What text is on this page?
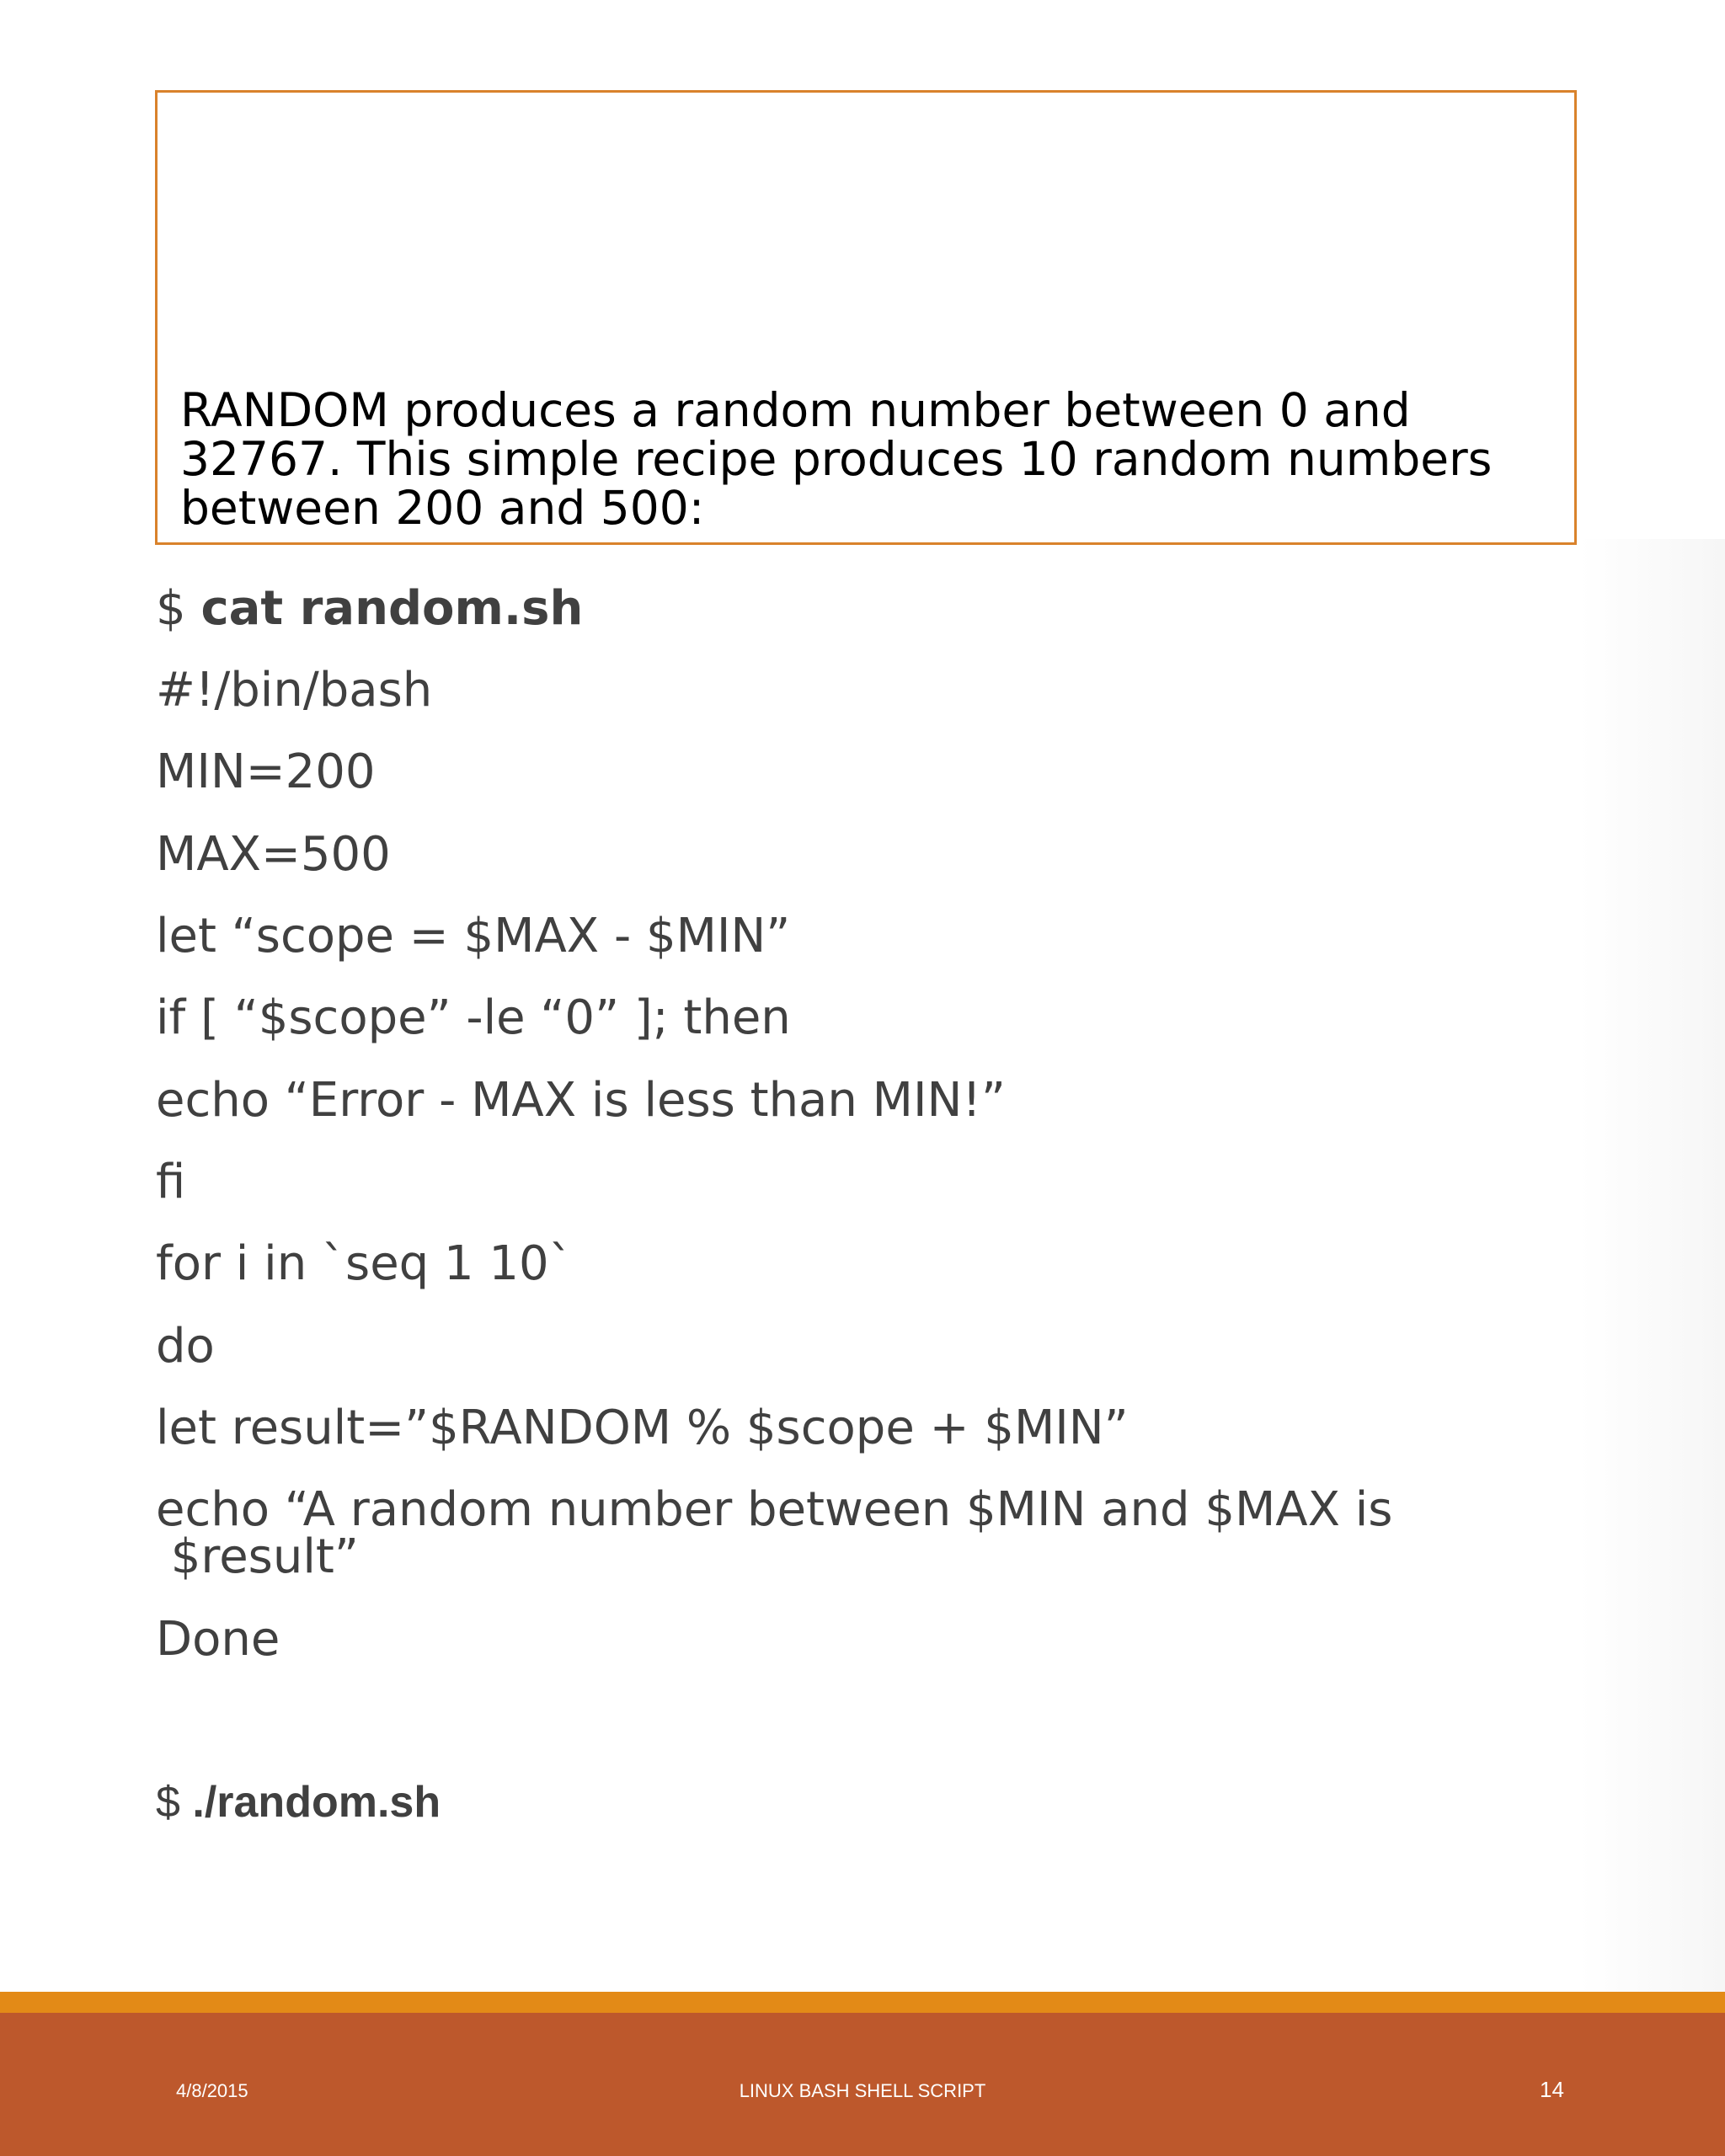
RANDOM produces a random number between 0 and 32767. This simple recipe produces 10 random numbers between 200 and 500:
$ cat random.sh
#!/bin/bash
MIN=200
MAX=500
let “scope = $MAX - $MIN”
if [ “$scope” -le “0” ]; then
echo “Error - MAX is less than MIN!”
fi
for i in `seq 1 10`
do
let result=”$RANDOM % $scope + $MIN”
echo “A random number between $MIN and $MAX is
$result”
Done
$ ./random.sh
4/8/2015	LINUX BASH SHELL SCRIPT	14
